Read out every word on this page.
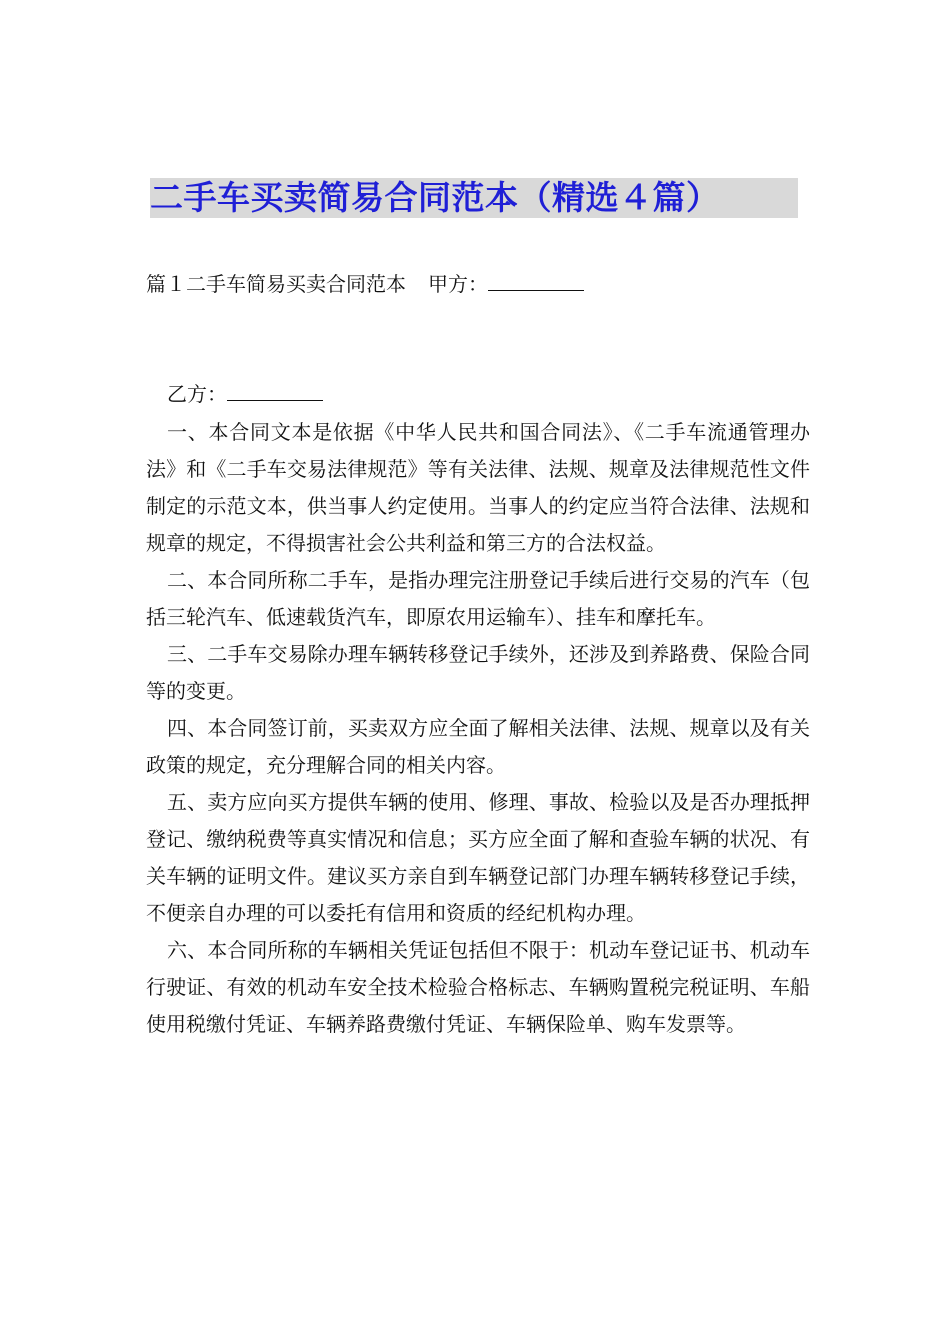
二手车买卖简易合同范本（精选４篇）
篇１二手车简易买卖合同范本 甲方：
乙方：

一、本合同文本是依据《中华人民共和国合同法》、《二手车流通管理办法》和《二手车交易法律规范》等有关法律、法规、规章及法律规范性文件制定的示范文本，供当事人约定使用。当事人的约定应当符合法律、法规和规章的规定，不得损害社会公共利益和第三方的合法权益。

二、本合同所称二手车，是指办理完注册登记手续后进行交易的汽车（包括三轮汽车、低速载货汽车，即原农用运输车）、挂车和摩托车。

三、二手车交易除办理车辆转移登记手续外，还涉及到养路费、保险合同等的变更。

四、本合同签订前，买卖双方应全面了解相关法律、法规、规章以及有关政策的规定，充分理解合同的相关内容。

五、卖方应向买方提供车辆的使用、修理、事故、检验以及是否办理抵押登记、缴纳税费等真实情况和信息；买方应全面了解和查验车辆的状况、有关车辆的证明文件。建议买方亲自到车辆登记部门办理车辆转移登记手续，不便亲自办理的可以委托有信用和资质的经纪机构办理。

六、本合同所称的车辆相关凭证包括但不限于：机动车登记证书、机动车行驶证、有效的机动车安全技术检验合格标志、车辆购置税完税证明、车船使用税缴付凭证、车辆养路费缴付凭证、车辆保险单、购车发票等。
